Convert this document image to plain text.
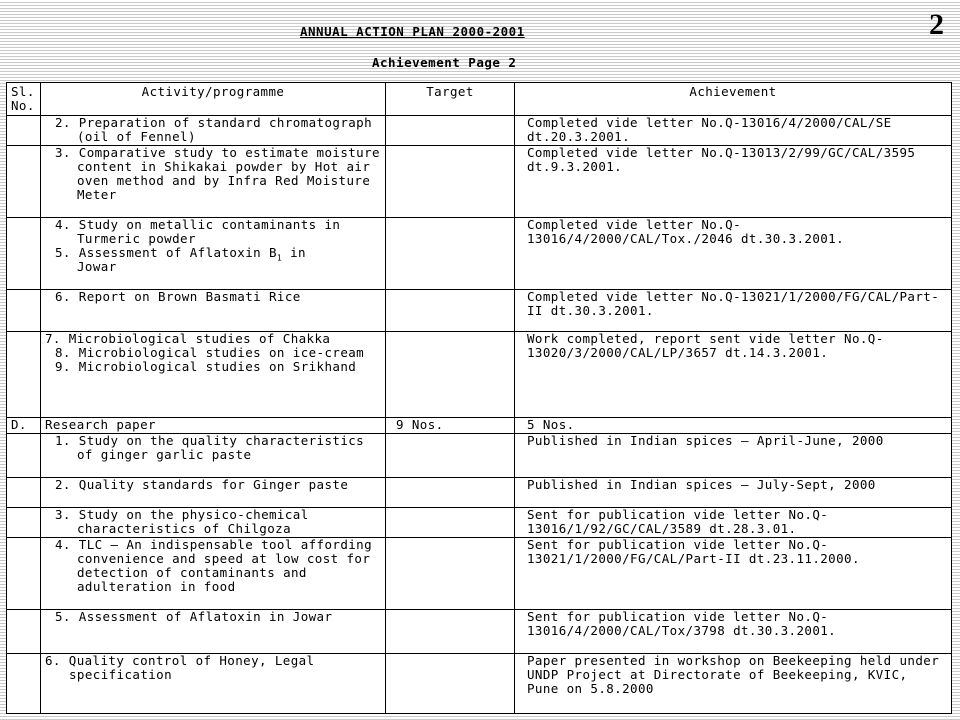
2
ANNUAL ACTION PLAN 2000-2001
Achievement Page 2
Sl. No.	Activity/programme	Target	Achievement

	2. Preparation of standard chromatograph (oil of Fennel)		Completed vide letter No.Q-13016/4/2000/CAL/SE dt.20.3.2001.

	3. Comparative study to estimate moisture content in Shikakai powder by Hot air oven method and by Infra Red Moisture Meter		Completed vide letter No.Q-13013/2/99/GC/CAL/3595 dt.9.3.2001.

	4. Study on metallic contaminants in Turmeric powder
5. Assessment of Aflatoxin $B_1$ in
Jowar		Completed vide letter No.Q-13016/4/2000/CAL/Tox./2046 dt.30.3.2001.

	6. Report on Brown Basmati Rice		Completed vide letter No.Q-13021/1/2000/FG/CAL/Part-II dt.30.3.2001.

	7. Microbiological studies of Chakka
8. Microbiological studies on ice-cream
9. Microbiological studies on Srikhand		Work completed, report sent vide letter No.Q-13020/3/2000/CAL/LP/3657 dt.14.3.2001.
D.	Research paper	9 Nos.	5 Nos.

	1. Study on the quality characteristics of ginger garlic paste		Published in Indian spices – April-June, 2000

	2. Quality standards for Ginger paste		Published in Indian spices – July-Sept, 2000

	3. Study on the physico-chemical characteristics of Chilgoza		Sent for publication vide letter No.Q-13016/1/92/GC/CAL/3589 dt.28.3.01.

	4. TLC – An indispensable tool affording convenience and speed at low cost for detection of contaminants and adulteration in food		Sent for publication vide letter No.Q-13021/1/2000/FG/CAL/Part-II dt.23.11.2000.

	5. Assessment of Aflatoxin in Jowar		Sent for publication vide letter No.Q-13016/4/2000/CAL/Tox/3798 dt.30.3.2001.

	6. Quality control of Honey, Legal specification		Paper presented in workshop on Beekeeping held under UNDP Project at Directorate of Beekeeping, KVIC, Pune on 5.8.2000
